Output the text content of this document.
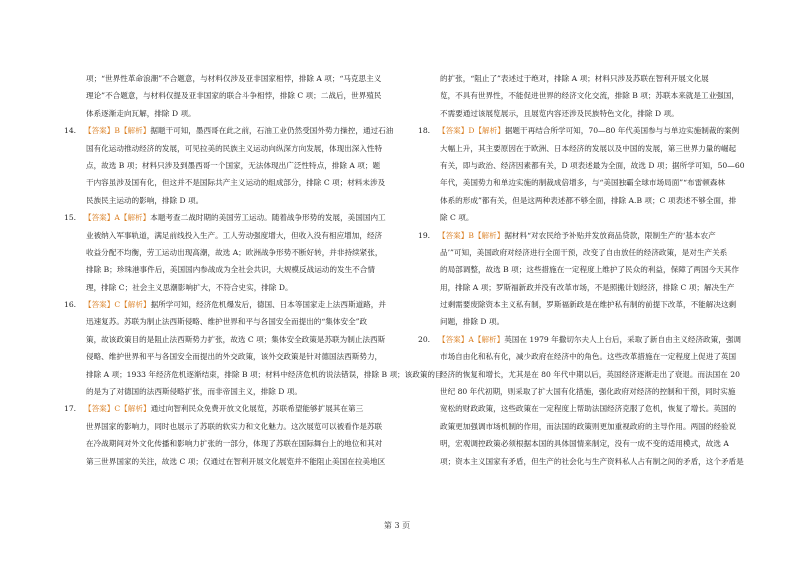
项；“世界性革命浪潮”不合题意，与材料仅涉及亚非国家相悖，排除 A 项；“马克思主义
理论”不合题意，与材料仅提及亚非国家的联合斗争相悖，排除 C 项；二战后，世界殖民
体系逐渐走向瓦解，排除 D 项。
14. 【答案】B【解析】据题干可知，墨西哥在此之前，石油工业仍然受国外势力操控，通过石油
国有化运动推动经济的发展，可见拉美的民族主义运动向纵深方向发展，体现出深入性特
点，故选 B 项；材料只涉及到墨西哥一个国家，无法体现出广泛性特点，排除 A 项；题
干内容虽涉及国有化，但这并不是国际共产主义运动的组成部分，排除 C 项；材料未涉及
民族民主运动的影响，排除 D 项。
15. 【答案】A【解析】本题考查二战时期的美国劳工运动。随着战争形势的发展，美国国内工
业被纳入军事轨道，满足前线投入生产。工人劳动强度增大，但收入没有相应增加，经济
收益分配不均衡，劳工运动出现高潮，故选 A；欧洲战争形势不断好转，并非持续紧张，
排除 B；珍珠港事件后，美国国内参战成为全社会共识，大规模反战运动的发生不合情
理，排除 C；社会主义思潮影响扩大，不符合史实，排除 D。
16. 【答案】C【解析】据所学可知，经济危机爆发后，德国、日本等国家走上法西斯道路，并
迅速复苏。苏联为制止法西斯侵略、维护世界和平与各国安全而提出的“集体安全”政
策，故该政策目的是阻止法西斯势力扩张，故选 C 项；集体安全政策是苏联为制止法西斯
侵略、维护世界和平与各国安全而提出的外交政策，该外交政策是针对德国法西斯势力，
排除 A 项；1933 年经济危机逐渐结束，排除 B 项；材料中经济危机的说法错误，排除 B 项；该政策的目
的是为了对德国的法西斯侵略扩张，而非帝国主义，排除 D 项。
17. 【答案】C【解析】通过向智利民众免费开放文化展览，苏联希望能够扩展其在第三
世界国家的影响力，同时也展示了苏联的软实力和文化魅力。这次展览可以被看作是苏联
在冷战期间对外文化传播和影响力扩张的一部分，体现了苏联在国际舞台上的地位和其对
第三世界国家的关注，故选 C 项；仅通过在智利开展文化展览并不能阻止美国在拉美地区
的扩张，“阻止了”表述过于绝对，排除 A 项；材料只涉及苏联在智利开展文化展
览，不具有世界性，不能促进世界的经济文化交流，排除 B 项；苏联本来就是工业强国，
不需要通过该展览展示，且展览内容还涉及民族特色文化，排除 D 项。
18. 【答案】D【解析】据题干再结合所学可知，70—80 年代美国参与与单边实施制裁的案例
大幅上升，其主要原因在于欧洲、日本经济的发展以及中国的发展，第三世界力量的崛起
有关，即与政治、经济因素都有关，D 项表述最为全面，故选 D 项；据所学可知，50—60
年代，美国势力和单边实施的制裁成倍增多，与“美国独霸全球市场局面”“布雷顿森林
体系的形成”都有关，但是这两种表述都不够全面，排除 A.B 项；C 项表述不够全面，排
除 C 项。
19. 【答案】B【解析】据材料“对农民给予补贴并发放商品贷款，限制生产的‘基本农产
品’”可知，美国政府对经济进行全面干预，改变了自由放任的经济政策，是对生产关系
的局部调整，故选 B 项；这些措施在一定程度上维护了民众的利益，保障了两国今天其作
用，排除 A 项；罗斯福新政并没有改革市场，不是照搬计划经济，排除 C 项；解决生产
过剩需要废除资本主义私有制，罗斯福新政是在维护私有制的前提下改革，不能解决这剩
问题，排除 D 项。
20. 【答案】A【解析】英国在 1979 年撒切尔夫人上台后，采取了新自由主义经济政策，强调
市场自由化和私有化，减少政府在经济中的角色。这些改革措施在一定程度上促进了英国
经济的恢复和增长，尤其是在 80 年代中期以后，英国经济逐渐走出了衰退。而法国在 20
世纪 80 年代初期，则采取了扩大国有化措施，强化政府对经济的控制和干预，同时实施
宽松的财政政策，这些政策在一定程度上帮助法国经济克服了危机，恢复了增长。英国的
政策更加强调市场机制的作用，而法国的政策则更加重视政府的主导作用。两国的经验说
明，宏观调控政策必须根据本国的具体国情来制定，没有一成不变的适用模式，故选 A
项；资本主义国家有矛盾，但生产的社会化与生产资料私人占有制之间的矛盾，这个矛盾是
第 3 页
